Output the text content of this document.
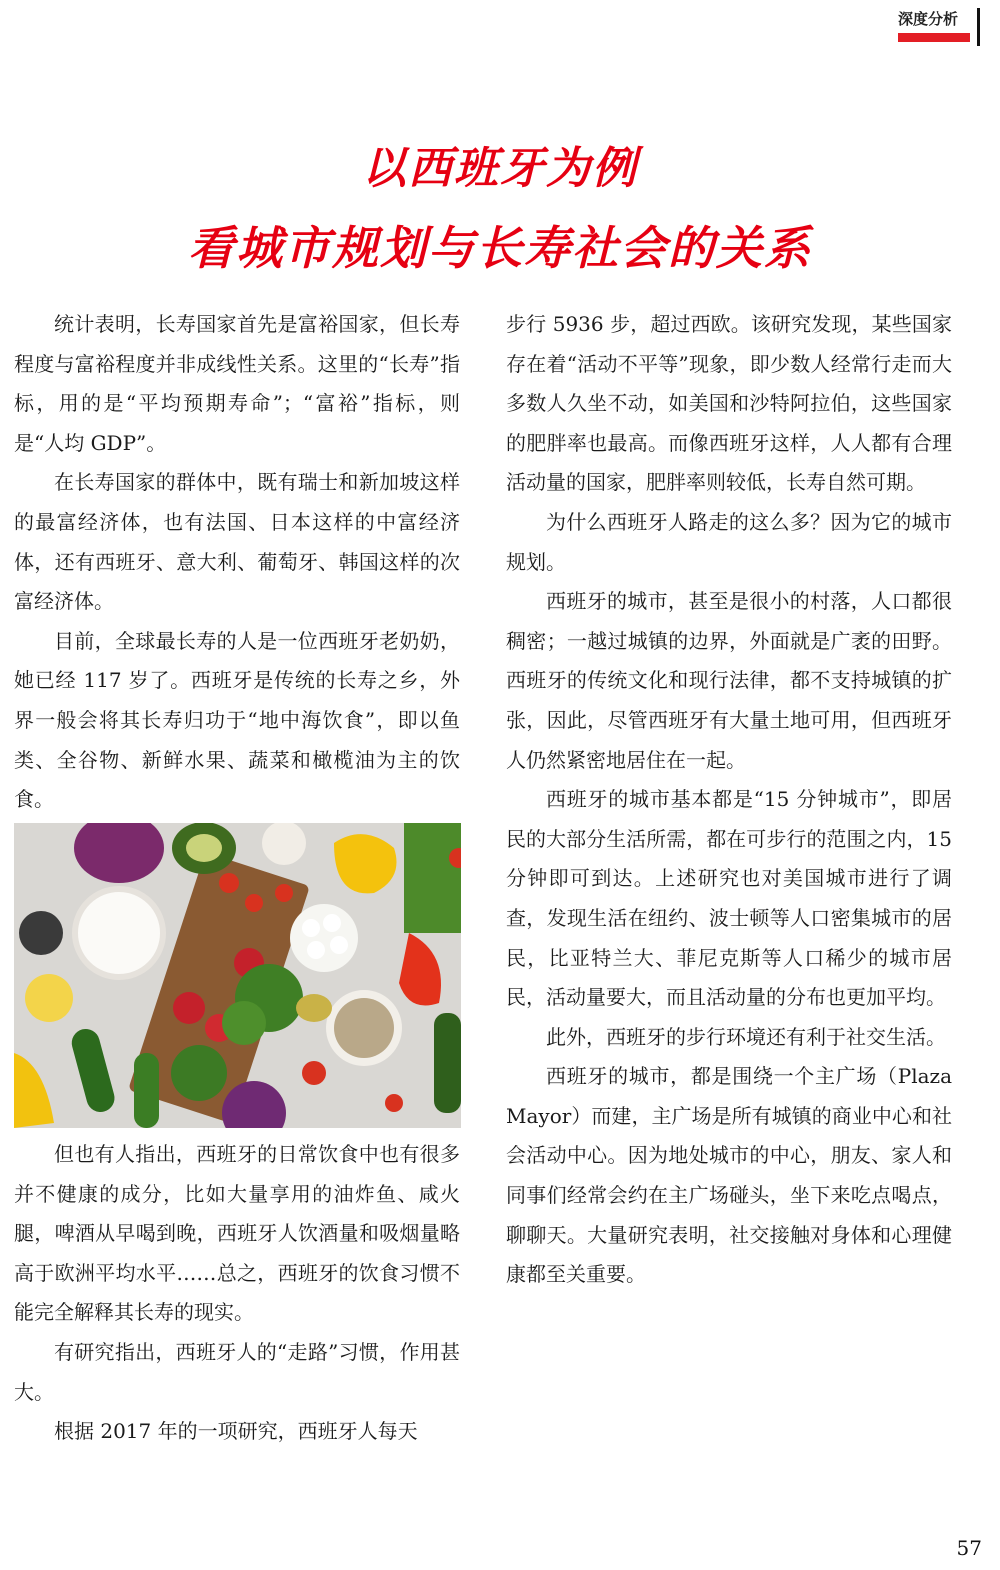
深度分析
以西班牙为例
看城市规划与长寿社会的关系

统计表明，长寿国家首先是富裕国家，但长寿程度与富裕程度并非成线性关系。这里的“长寿”指标，用的是“平均预期寿命”；“富裕”指标，则是“人均 GDP”。

在长寿国家的群体中，既有瑞士和新加坡这样的最富经济体，也有法国、日本这样的中富经济体，还有西班牙、意大利、葡萄牙、韩国这样的次富经济体。

目前，全球最长寿的人是一位西班牙老奶奶，她已经 117 岁了。西班牙是传统的长寿之乡，外界一般会将其长寿归功于“地中海饮食”，即以鱼类、全谷物、新鲜水果、蔬菜和橄榄油为主的饮食。

但也有人指出，西班牙的日常饮食中也有很多并不健康的成分，比如大量享用的油炸鱼、咸火腿，啤酒从早喝到晚，西班牙人饮酒量和吸烟量略高于欧洲平均水平……总之，西班牙的饮食习惯不能完全解释其长寿的现实。

有研究指出，西班牙人的“走路”习惯，作用甚大。

根据 2017 年的一项研究，西班牙人每天

步行 5936 步，超过西欧。该研究发现，某些国家存在着“活动不平等”现象，即少数人经常行走而大多数人久坐不动，如美国和沙特阿拉伯，这些国家的肥胖率也最高。而像西班牙这样，人人都有合理活动量的国家，肥胖率则较低，长寿自然可期。

为什么西班牙人路走的这么多？因为它的城市规划。

西班牙的城市，甚至是很小的村落，人口都很稠密；一越过城镇的边界，外面就是广袤的田野。西班牙的传统文化和现行法律，都不支持城镇的扩张，因此，尽管西班牙有大量土地可用，但西班牙人仍然紧密地居住在一起。

西班牙的城市基本都是“15 分钟城市”，即居民的大部分生活所需，都在可步行的范围之内，15 分钟即可到达。上述研究也对美国城市进行了调查，发现生活在纽约、波士顿等人口密集城市的居民，比亚特兰大、菲尼克斯等人口稀少的城市居民，活动量要大，而且活动量的分布也更加平均。

此外，西班牙的步行环境还有利于社交生活。

西班牙的城市，都是围绕一个主广场（Plaza Mayor）而建，主广场是所有城镇的商业中心和社会活动中心。因为地处城市的中心，朋友、家人和同事们经常会约在主广场碰头，坐下来吃点喝点，聊聊天。大量研究表明，社交接触对身体和心理健康都至关重要。

57
